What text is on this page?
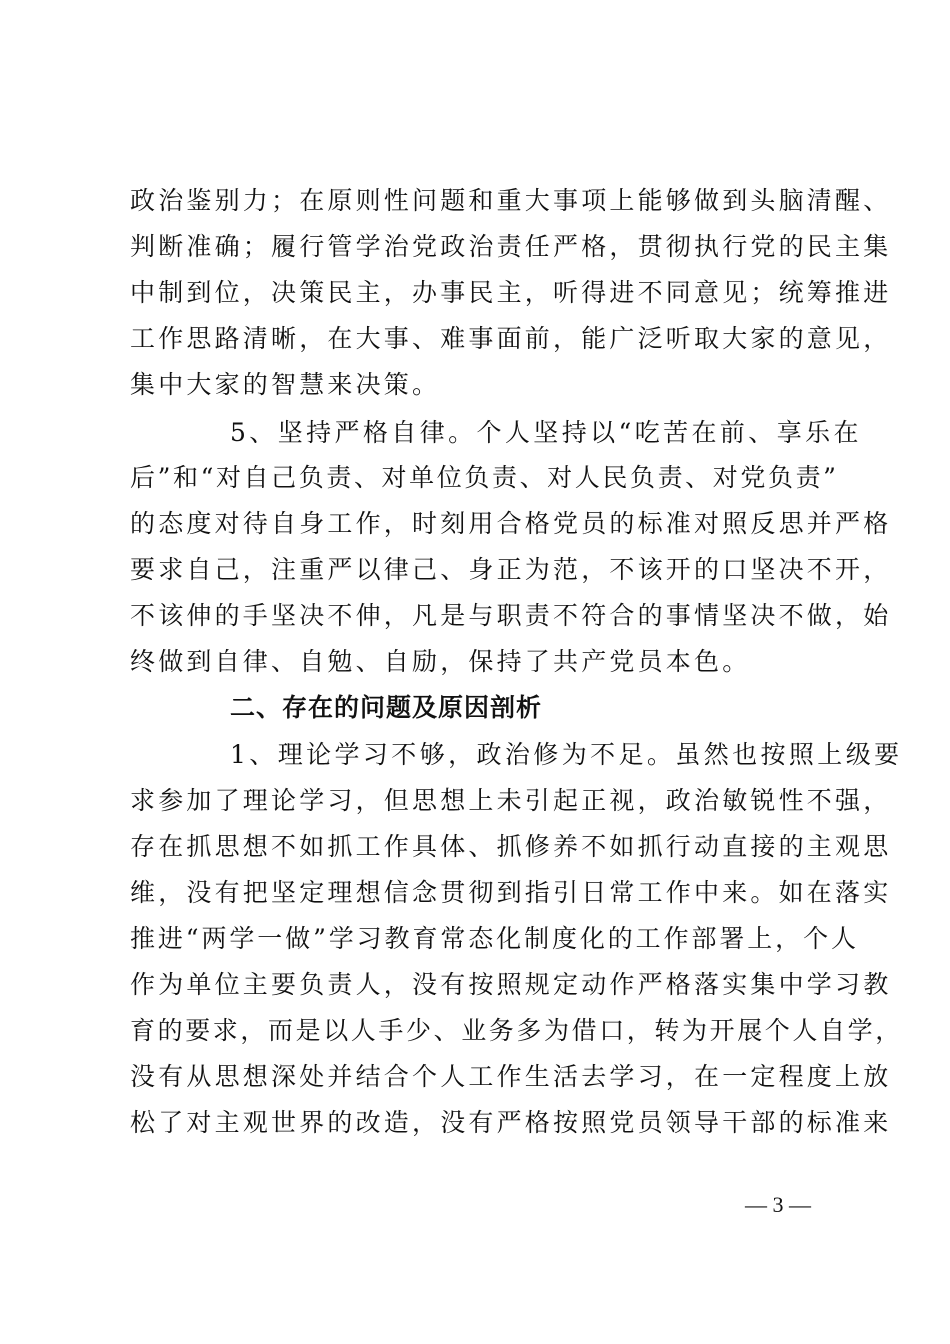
政治鉴别力；在原则性问题和重大事项上能够做到头脑清醒、
判断准确；履行管学治党政治责任严格，贯彻执行党的民主集
中制到位，决策民主，办事民主，听得进不同意见；统筹推进
工作思路清晰，在大事、难事面前，能广泛听取大家的意见，
集中大家的智慧来决策。
5、坚持严格自律。个人坚持以“吃苦在前、享乐在
后”和“对自己负责、对单位负责、对人民负责、对党负责”
的态度对待自身工作，时刻用合格党员的标准对照反思并严格
要求自己，注重严以律己、身正为范，不该开的口坚决不开，
不该伸的手坚决不伸，凡是与职责不符合的事情坚决不做，始
终做到自律、自勉、自励，保持了共产党员本色。
二、存在的问题及原因剖析
1、理论学习不够，政治修为不足。虽然也按照上级要
求参加了理论学习，但思想上未引起正视，政治敏锐性不强，
存在抓思想不如抓工作具体、抓修养不如抓行动直接的主观思
维，没有把坚定理想信念贯彻到指引日常工作中来。如在落实
推进“两学一做”学习教育常态化制度化的工作部署上，个人
作为单位主要负责人，没有按照规定动作严格落实集中学习教
育的要求，而是以人手少、业务多为借口，转为开展个人自学，
没有从思想深处并结合个人工作生活去学习，在一定程度上放
松了对主观世界的改造，没有严格按照党员领导干部的标准来
— 3 —
